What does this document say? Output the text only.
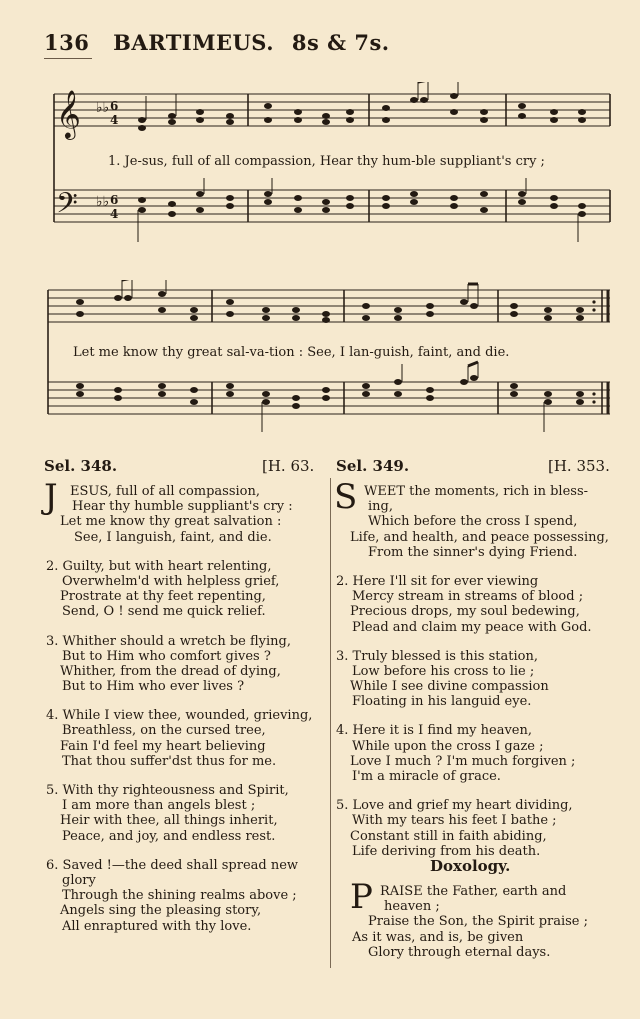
136 BARTIMEUS. 8s & 7s.
𝄞
𝄢
♭♭ 6
4
♭♭ 6
4
1. Je-sus, full of all compassion, Hear thy hum-ble suppliant's cry ;
Let me know thy great sal-va-tion : See, I lan-guish, faint, and die.
Sel. 348.	[H. 63. Sel. 349.	[H. 353.
J ESUS, full of all compassion,
Hear thy humble suppliant's cry :
Let me know thy great salvation :
See, I languish, faint, and die.
2. Guilty, but with heart relenting,
Overwhelm'd with helpless grief,
Prostrate at thy feet repenting,
Send, O ! send me quick relief.
3. Whither should a wretch be flying,
But to Him who comfort gives ?
Whither, from the dread of dying,
But to Him who ever lives ?
4. While I view thee, wounded, grieving,
Breathless, on the cursed tree,
Fain I'd feel my heart believing
That thou suffer'dst thus for me.
5. With thy righteousness and Spirit,
I am more than angels blest ;
Heir with thee, all things inherit,
Peace, and joy, and endless rest.
6. Saved !—the deed shall spread new
glory
Through the shining realms above ;
Angels sing the pleasing story,
All enraptured with thy love.
S WEET the moments, rich in bless-
ing,
Which before the cross I spend,
Life, and health, and peace possessing,
From the sinner's dying Friend.
2. Here I'll sit for ever viewing
Mercy stream in streams of blood ;
Precious drops, my soul bedewing,
Plead and claim my peace with God.
3. Truly blessed is this station,
Low before his cross to lie ;
While I see divine compassion
Floating in his languid eye.
4. Here it is I find my heaven,
While upon the cross I gaze ;
Love I much ? I'm much forgiven ;
I'm a miracle of grace.
5. Love and grief my heart dividing,
With my tears his feet I bathe ;
Constant still in faith abiding,
Life deriving from his death.
Doxology.
P RAISE the Father, earth and
heaven ;
Praise the Son, the Spirit praise ;
As it was, and is, be given
Glory through eternal days.
